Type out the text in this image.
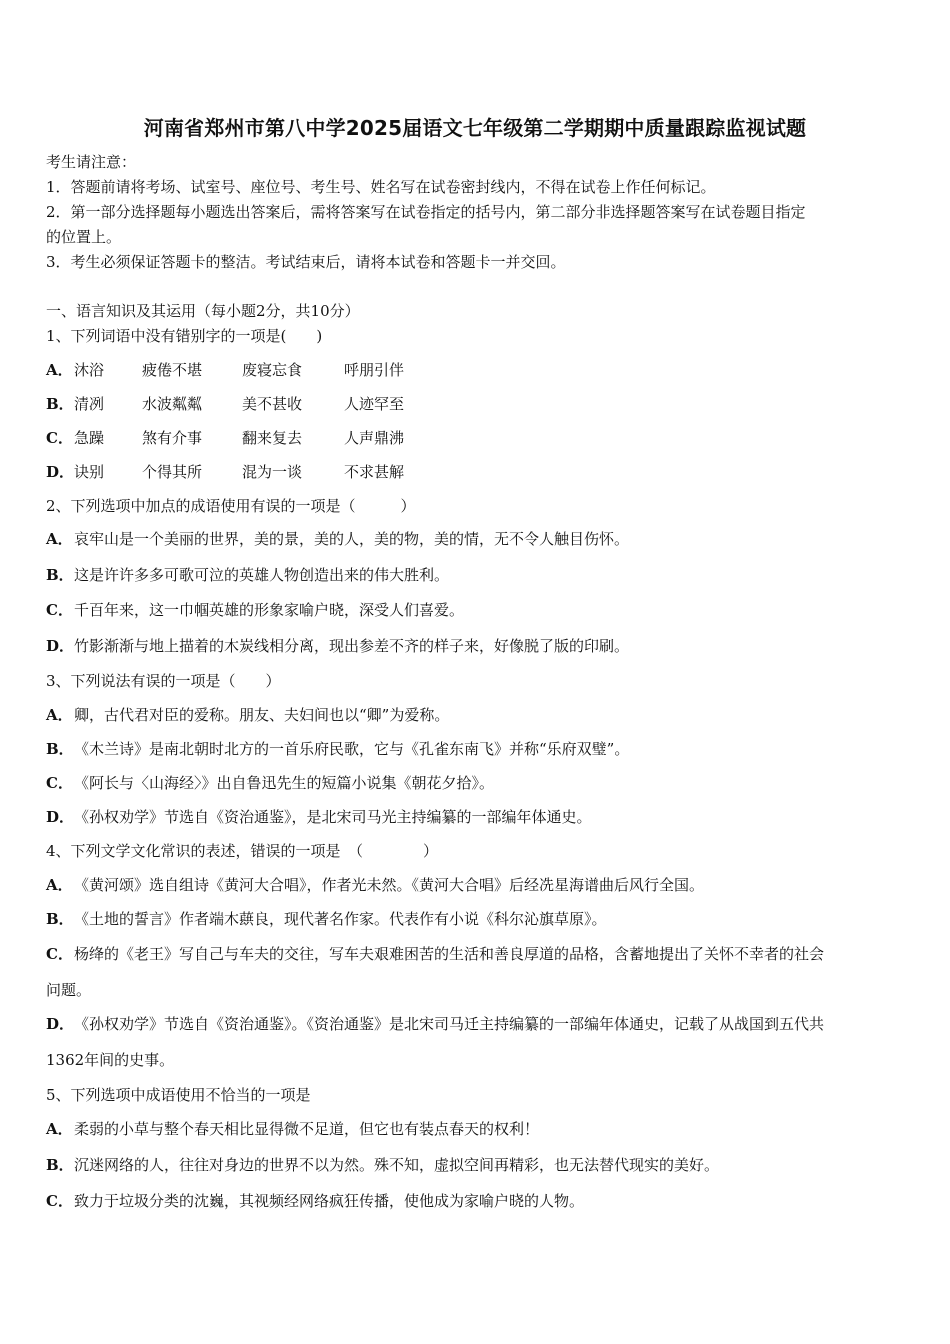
河南省郑州市第八中学2025届语文七年级第二学期期中质量跟踪监视试题
考生请注意：
1．答题前请将考场、试室号、座位号、考生号、姓名写在试卷密封线内，不得在试卷上作任何标记。
2．第一部分选择题每小题选出答案后，需将答案写在试卷指定的括号内，第二部分非选择题答案写在试卷题目指定
的位置上。
3．考生必须保证答题卡的整洁。考试结束后，请将本试卷和答题卡一并交回。
一、语言知识及其运用（每小题2分，共10分）
1、下列词语中没有错别字的一项是(　　)
A．沐浴	疲倦不堪	废寝忘食	呼朋引伴
B．清冽	水波粼粼	美不甚收	人迹罕至
C．急躁	煞有介事	翻来复去	人声鼎沸
D．诀别	个得其所	混为一谈	不求甚解
2、下列选项中加点的成语使用有误的一项是（　　　）
A．哀牢山是一个美丽的世界，美的景，美的人，美的物，美的情，无不令人触目伤怀。
B．这是许许多多可歌可泣的英雄人物创造出来的伟大胜利。
C．千百年来，这一巾帼英雄的形象家喻户晓，深受人们喜爱。
D．竹影渐渐与地上描着的木炭线相分离，现出参差不齐的样子来，好像脱了版的印刷。
3、下列说法有误的一项是（　　）
A．卿，古代君对臣的爱称。朋友、夫妇间也以“卿”为爱称。
B．《木兰诗》是南北朝时北方的一首乐府民歌，它与《孔雀东南飞》并称“乐府双璧”。
C．《阿长与〈山海经〉》出自鲁迅先生的短篇小说集《朝花夕拾》。
D．《孙权劝学》节选自《资治通鉴》，是北宋司马光主持编纂的一部编年体通史。
4、下列文学文化常识的表述，错误的一项是　（　　　　）
A．《黄河颂》选自组诗《黄河大合唱》，作者光未然。《黄河大合唱》后经冼星海谱曲后风行全国。
B．《土地的誓言》作者端木蕻良，现代著名作家。代表作有小说《科尔沁旗草原》。
C．杨绛的《老王》写自己与车夫的交往，写车夫艰难困苦的生活和善良厚道的品格，含蓄地提出了关怀不幸者的社会
问题。
D．《孙权劝学》节选自《资治通鉴》。《资治通鉴》是北宋司马迁主持编纂的一部编年体通史，记载了从战国到五代共
1362年间的史事。
5、下列选项中成语使用不恰当的一项是
A．柔弱的小草与整个春天相比显得微不足道，但它也有装点春天的权利！
B．沉迷网络的人，往往对身边的世界不以为然。殊不知，虚拟空间再精彩，也无法替代现实的美好。
C．致力于垃圾分类的沈巍，其视频经网络疯狂传播，使他成为家喻户晓的人物。
